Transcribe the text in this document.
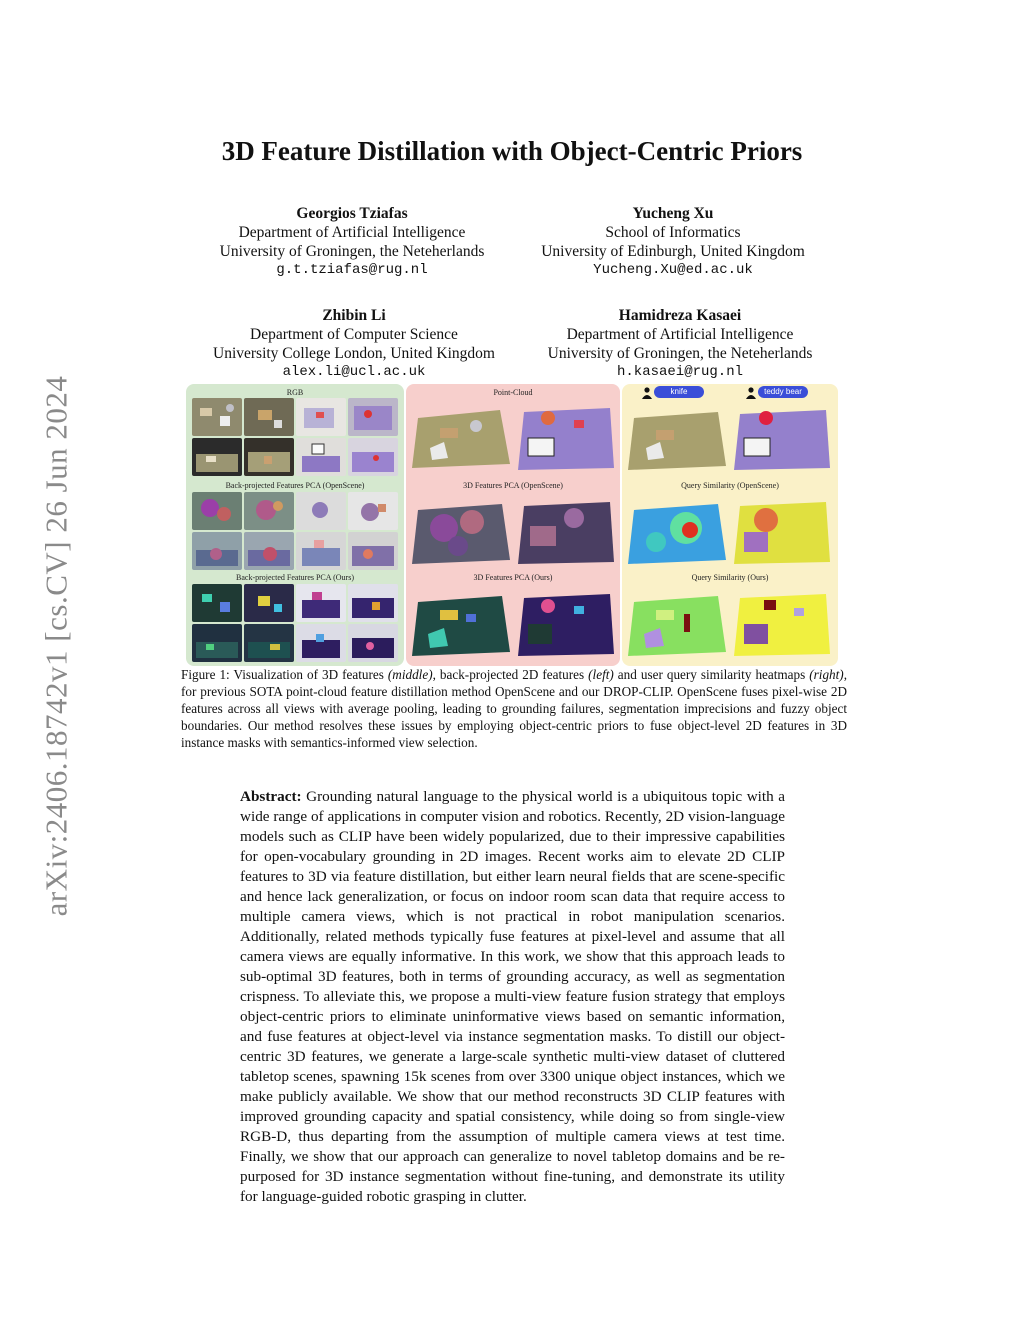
arXiv:2406.18742v1 [cs.CV] 26 Jun 2024
3D Feature Distillation with Object-Centric Priors
Georgios Tziafas
Department of Artificial Intelligence
University of Groningen, the Neteherlands
g.t.tziafas@rug.nl
Yucheng Xu
School of Informatics
University of Edinburgh, United Kingdom
Yucheng.Xu@ed.ac.uk
Zhibin Li
Department of Computer Science
University College London, United Kingdom
alex.li@ucl.ac.uk
Hamidreza Kasaei
Department of Artificial Intelligence
University of Groningen, the Neteherlands
h.kasaei@rug.nl
RGB
Back-projected Features PCA (OpenScene)
Back-projected Features PCA (Ours)
Point-Cloud
3D Features PCA (OpenScene)
3D Features PCA (Ours)
knife	teddy bear
Query Similarity (OpenScene)
Query Similarity (Ours)

Figure 1: Visualization of 3D features (middle), back-projected 2D features (left) and user query similarity heatmaps (right), for previous SOTA point-cloud feature distillation method OpenScene and our DROP-CLIP. OpenScene fuses pixel-wise 2D features across all views with average pooling, leading to grounding failures, segmentation imprecisions and fuzzy object boundaries. Our method resolves these issues by employing object-centric priors to fuse object-level 2D features in 3D instance masks with semantics-informed view selection.

Abstract: Grounding natural language to the physical world is a ubiquitous topic with a wide range of applications in computer vision and robotics. Recently, 2D vision-language models such as CLIP have been widely popularized, due to their impressive capabilities for open-vocabulary grounding in 2D images. Recent works aim to elevate 2D CLIP features to 3D via feature distillation, but either learn neural fields that are scene-specific and hence lack generalization, or focus on indoor room scan data that require access to multiple camera views, which is not practical in robot manipulation scenarios. Additionally, related methods typically fuse features at pixel-level and assume that all camera views are equally informative. In this work, we show that this approach leads to sub-optimal 3D features, both in terms of grounding accuracy, as well as segmentation crispness. To alleviate this, we propose a multi-view feature fusion strategy that employs object-centric priors to eliminate uninformative views based on semantic information, and fuse features at object-level via instance segmentation masks. To distill our object-centric 3D features, we generate a large-scale synthetic multi-view dataset of cluttered tabletop scenes, spawning 15k scenes from over 3300 unique object instances, which we make publicly available. We show that our method reconstructs 3D CLIP features with improved grounding capacity and spatial consistency, while doing so from single-view RGB-D, thus departing from the assumption of multiple camera views at test time. Finally, we show that our approach can generalize to novel tabletop domains and be re-purposed for 3D instance segmentation without fine-tuning, and demonstrate its utility for language-guided robotic grasping in clutter.
